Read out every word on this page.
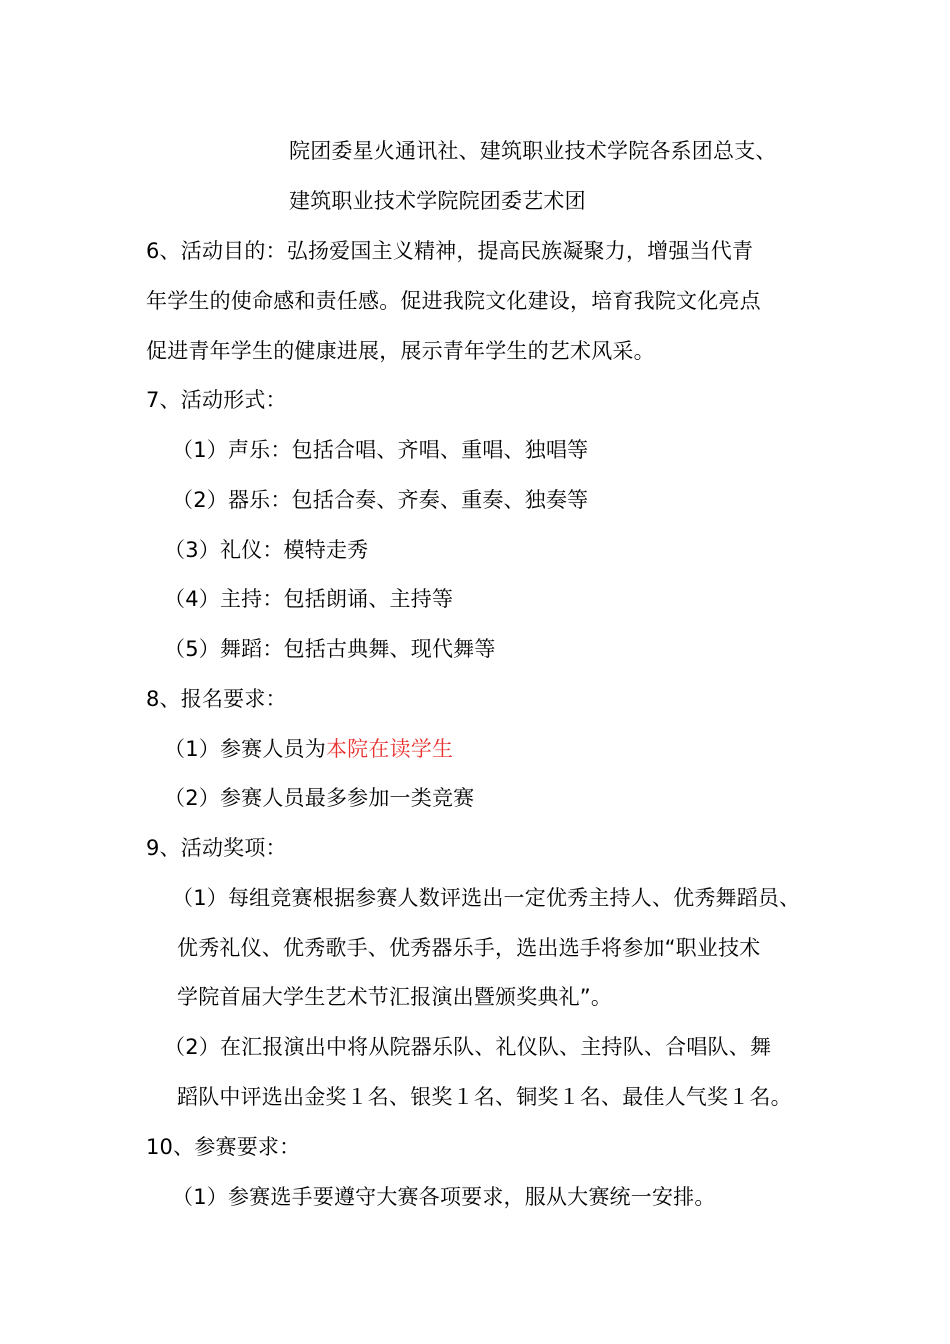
院团委星火通讯社、建筑职业技术学院各系团总支、
建筑职业技术学院院团委艺术团
6、活动目的：弘扬爱国主义精神，提高民族凝聚力，增强当代青
年学生的使命感和责任感。促进我院文化建设，培育我院文化亮点
促进青年学生的健康进展，展示青年学生的艺术风采。
7、活动形式：
（1）声乐：包括合唱、齐唱、重唱、独唱等
（2）器乐：包括合奏、齐奏、重奏、独奏等
（3）礼仪：模特走秀
（4）主持：包括朗诵、主持等
（5）舞蹈：包括古典舞、现代舞等
8、报名要求：
（1）参赛人员为本院在读学生
（2）参赛人员最多参加一类竞赛
9、活动奖项：
（1）每组竞赛根据参赛人数评选出一定优秀主持人、优秀舞蹈员、
优秀礼仪、优秀歌手、优秀器乐手，选出选手将参加“职业技术
学院首届大学生艺术节汇报演出暨颁奖典礼”。
（2）在汇报演出中将从院器乐队、礼仪队、主持队、合唱队、舞
蹈队中评选出金奖１名、银奖１名、铜奖１名、最佳人气奖１名。
10、参赛要求：
（1）参赛选手要遵守大赛各项要求，服从大赛统一安排。
